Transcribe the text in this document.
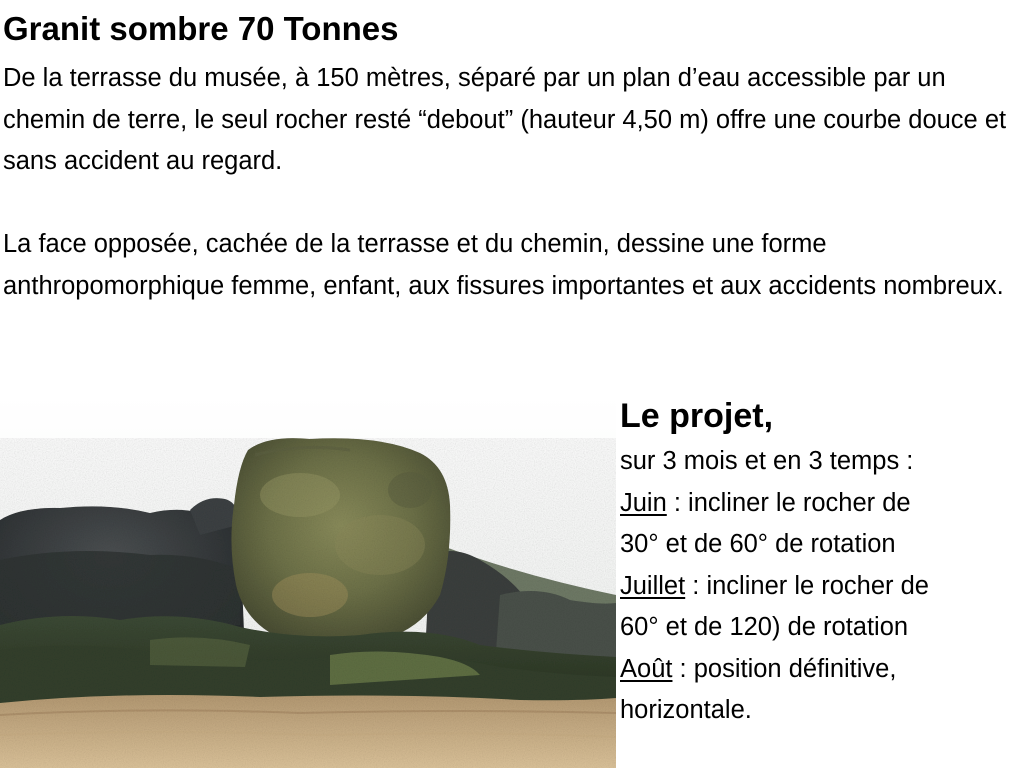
Granit sombre 70 Tonnes

De la terrasse du musée, à 150 mètres, séparé par un plan d’eau accessible par un chemin de terre, le seul rocher resté “debout” (hauteur 4,50 m) offre une courbe douce et sans accident au regard.

La face opposée, cachée de la terrasse et du chemin, dessine une forme anthropomorphique femme, enfant, aux fissures importantes et aux accidents nombreux.

Le projet,
sur 3 mois et en 3 temps :
Juin : incliner le rocher de
30° et de 60° de rotation
Juillet : incliner le rocher de
60° et de 120) de rotation
Août : position définitive,
horizontale.
